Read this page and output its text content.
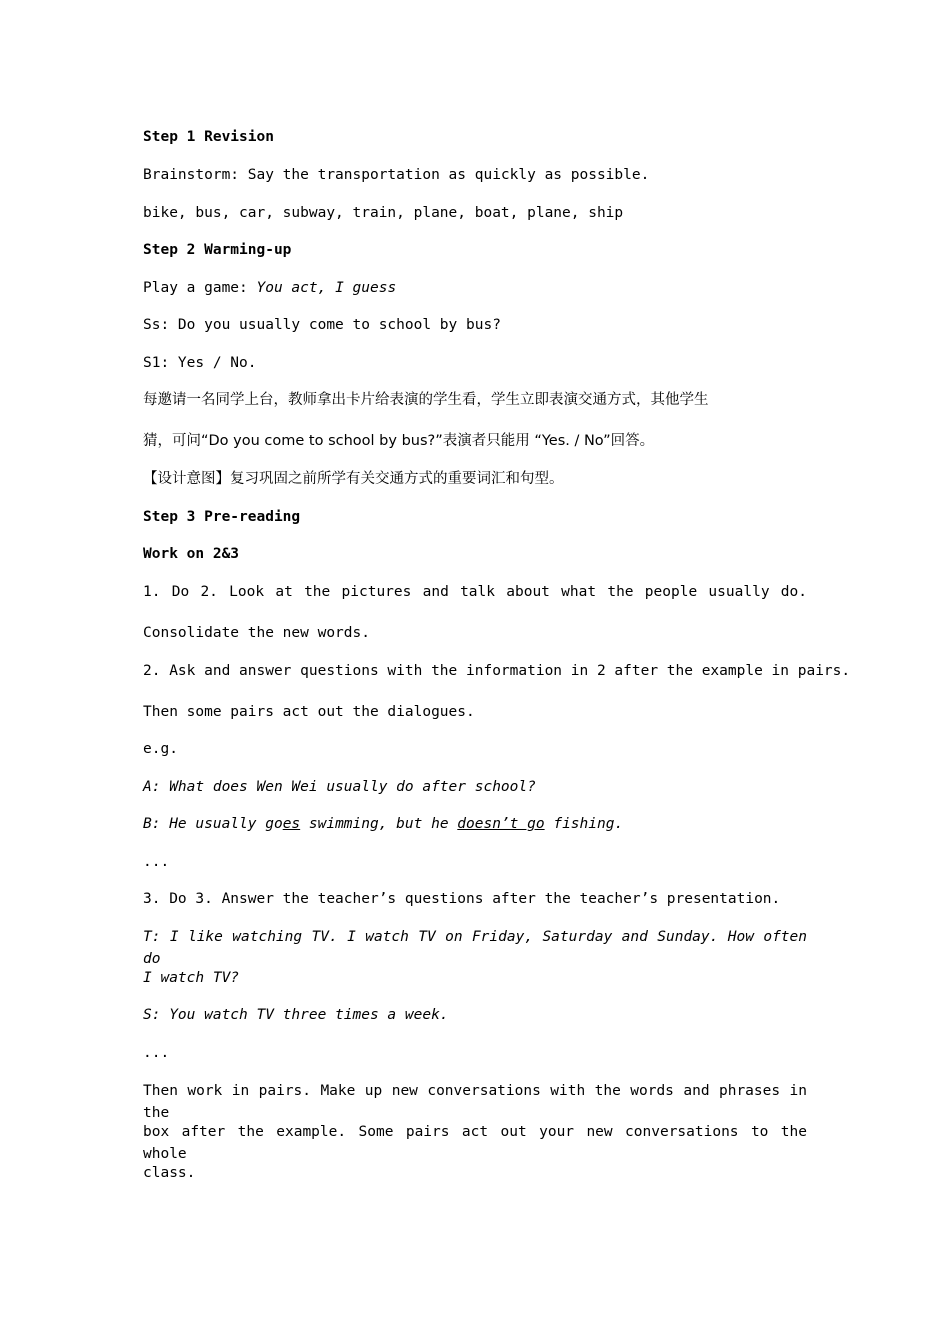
Step 1 Revision
Brainstorm: Say the transportation as quickly as possible.
bike, bus, car, subway, train, plane, boat, plane, ship
Step 2 Warming-up
Play a game: You act, I guess
Ss: Do you usually come to school by bus?
S1: Yes / No.
每邀请一名同学上台，教师拿出卡片给表演的学生看，学生立即表演交通方式，其他学生
猜，可问“Do you come to school by bus?”表演者只能用 “Yes. / No”回答。
【设计意图】复习巩固之前所学有关交通方式的重要词汇和句型。
Step 3 Pre-reading
Work on 2&3
1. Do 2. Look at the pictures and talk about what the people usually do.
Consolidate the new words.
2. Ask and answer questions with the information in 2 after the example in pairs.
Then some pairs act out the dialogues.
e.g.
A: What does Wen Wei usually do after school?
B: He usually goes swimming, but he doesn’t go fishing.
...
3. Do 3. Answer the teacher’s questions after the teacher’s presentation.
T: I like watching TV. I watch TV on Friday, Saturday and Sunday. How often do
I watch TV?
S: You watch TV three times a week.
...
Then work in pairs. Make up new conversations with the words and phrases in the
box after the example. Some pairs act out your new conversations to the whole
class.
